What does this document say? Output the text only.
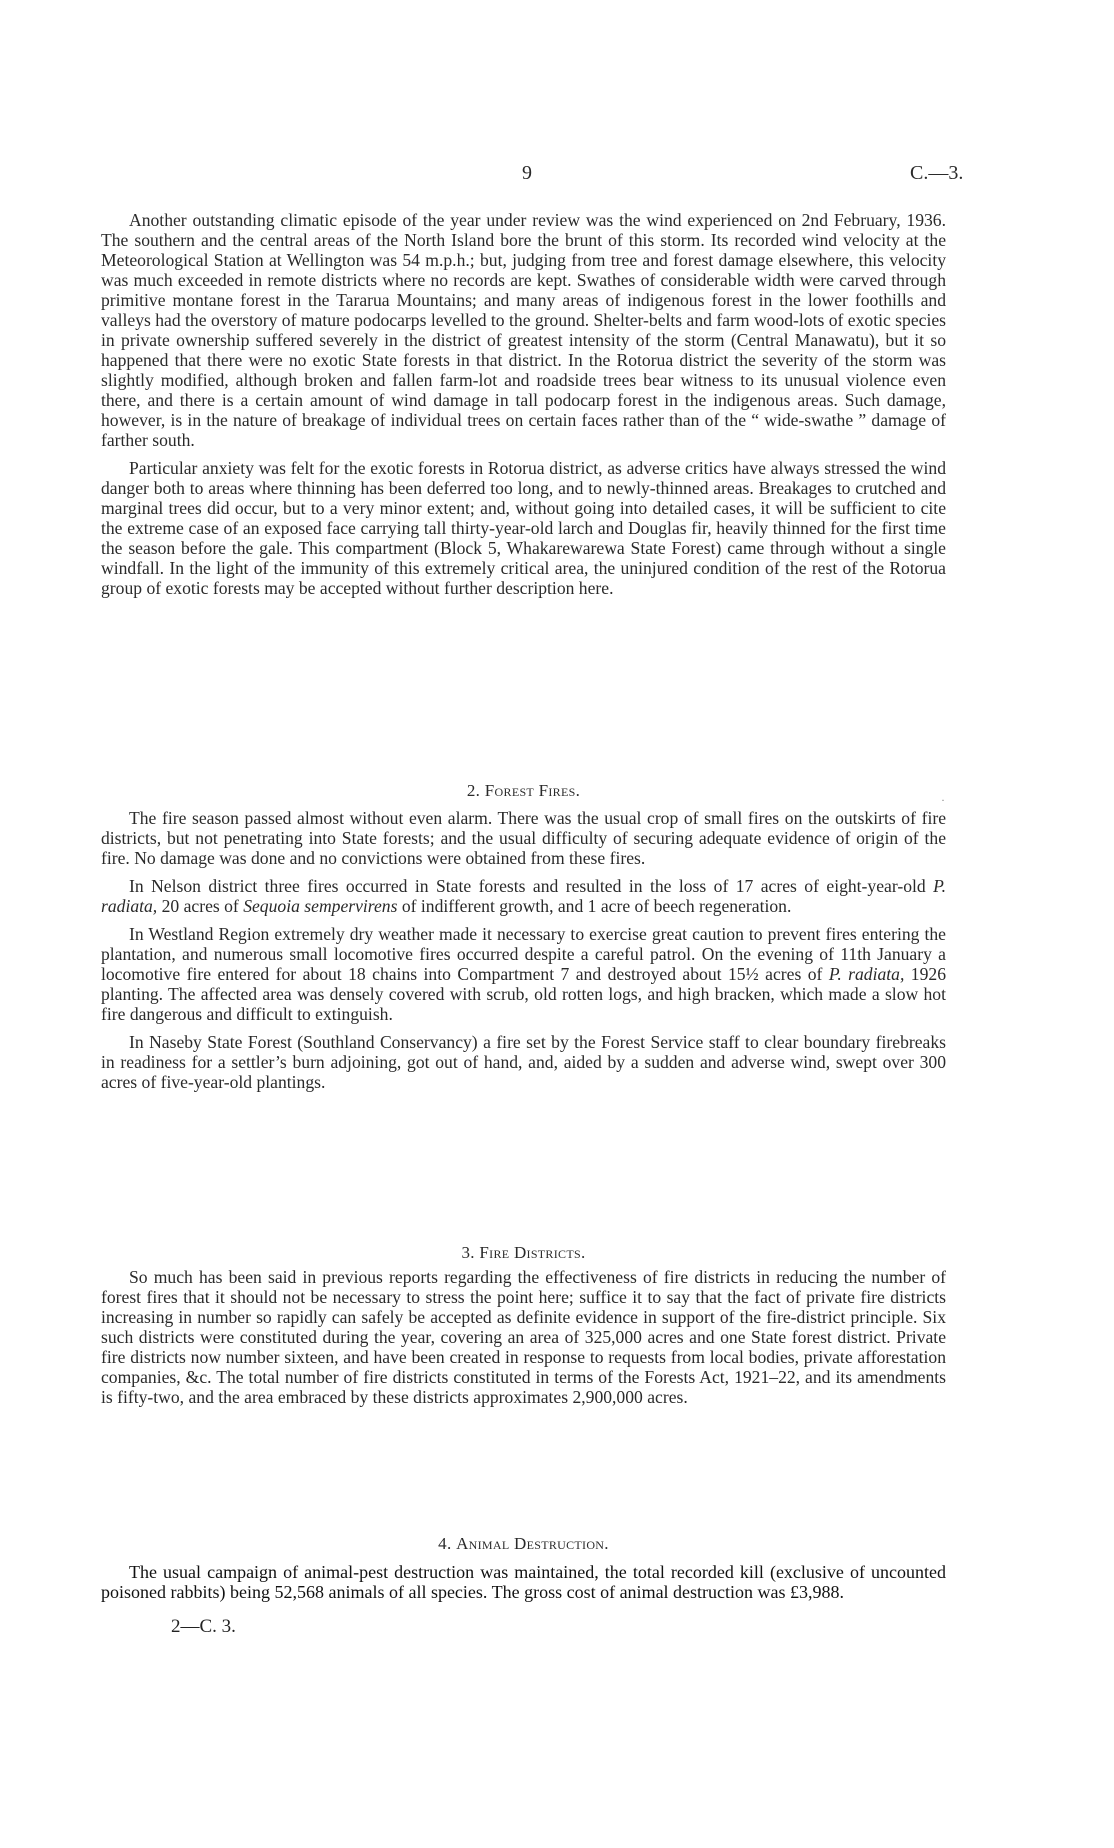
9	C.—3.

Another outstanding climatic episode of the year under review was the wind experienced on 2nd February, 1936. The southern and the central areas of the North Island bore the brunt of this storm. Its recorded wind velocity at the Meteorological Station at Wellington was 54 m.p.h.; but, judging from tree and forest damage elsewhere, this velocity was much exceeded in remote districts where no records are kept. Swathes of considerable width were carved through primitive montane forest in the Tararua Mountains; and many areas of indigenous forest in the lower foothills and valleys had the overstory of mature podocarps levelled to the ground. Shelter-belts and farm wood-lots of exotic species in private ownership suffered severely in the district of greatest intensity of the storm (Central Manawatu), but it so happened that there were no exotic State forests in that district. In the Rotorua district the severity of the storm was slightly modified, although broken and fallen farm-lot and roadside trees bear witness to its unusual violence even there, and there is a certain amount of wind damage in tall podocarp forest in the indigenous areas. Such damage, however, is in the nature of breakage of individual trees on certain faces rather than of the “ wide-swathe ” damage of farther south.

Particular anxiety was felt for the exotic forests in Rotorua district, as adverse critics have always stressed the wind danger both to areas where thinning has been deferred too long, and to newly-thinned areas. Breakages to crutched and marginal trees did occur, but to a very minor extent; and, without going into detailed cases, it will be sufficient to cite the extreme case of an exposed face carrying tall thirty-year-old larch and Douglas fir, heavily thinned for the first time the season before the gale. This compartment (Block 5, Whakarewarewa State Forest) came through without a single windfall. In the light of the immunity of this extremely critical area, the uninjured condition of the rest of the Rotorua group of exotic forests may be accepted without further description here.

2. Forest Fires.	·

The fire season passed almost without even alarm. There was the usual crop of small fires on the outskirts of fire districts, but not penetrating into State forests; and the usual difficulty of securing adequate evidence of origin of the fire. No damage was done and no convictions were obtained from these fires.

In Nelson district three fires occurred in State forests and resulted in the loss of 17 acres of eight-year-old P. radiata, 20 acres of Sequoia sempervirens of indifferent growth, and 1 acre of beech regeneration.

In Westland Region extremely dry weather made it necessary to exercise great caution to prevent fires entering the plantation, and numerous small locomotive fires occurred despite a careful patrol. On the evening of 11th January a locomotive fire entered for about 18 chains into Compartment 7 and destroyed about 15½ acres of P. radiata, 1926 planting. The affected area was densely covered with scrub, old rotten logs, and high bracken, which made a slow hot fire dangerous and difficult to extinguish.

In Naseby State Forest (Southland Conservancy) a fire set by the Forest Service staff to clear boundary firebreaks in readiness for a settler’s burn adjoining, got out of hand, and, aided by a sudden and adverse wind, swept over 300 acres of five-year-old plantings.

3. Fire Districts.

So much has been said in previous reports regarding the effectiveness of fire districts in reducing the number of forest fires that it should not be necessary to stress the point here; suffice it to say that the fact of private fire districts increasing in number so rapidly can safely be accepted as definite evidence in support of the fire-district principle. Six such districts were constituted during the year, covering an area of 325,000 acres and one State forest district. Private fire districts now number sixteen, and have been created in response to requests from local bodies, private afforestation companies, &c. The total number of fire districts constituted in terms of the Forests Act, 1921–22, and its amendments is fifty-two, and the area embraced by these districts approximates 2,900,000 acres.

4. Animal Destruction.

The usual campaign of animal-pest destruction was maintained, the total recorded kill (exclusive of uncounted poisoned rabbits) being 52,568 animals of all species. The gross cost of animal destruction was £3,988.

2—C. 3.
